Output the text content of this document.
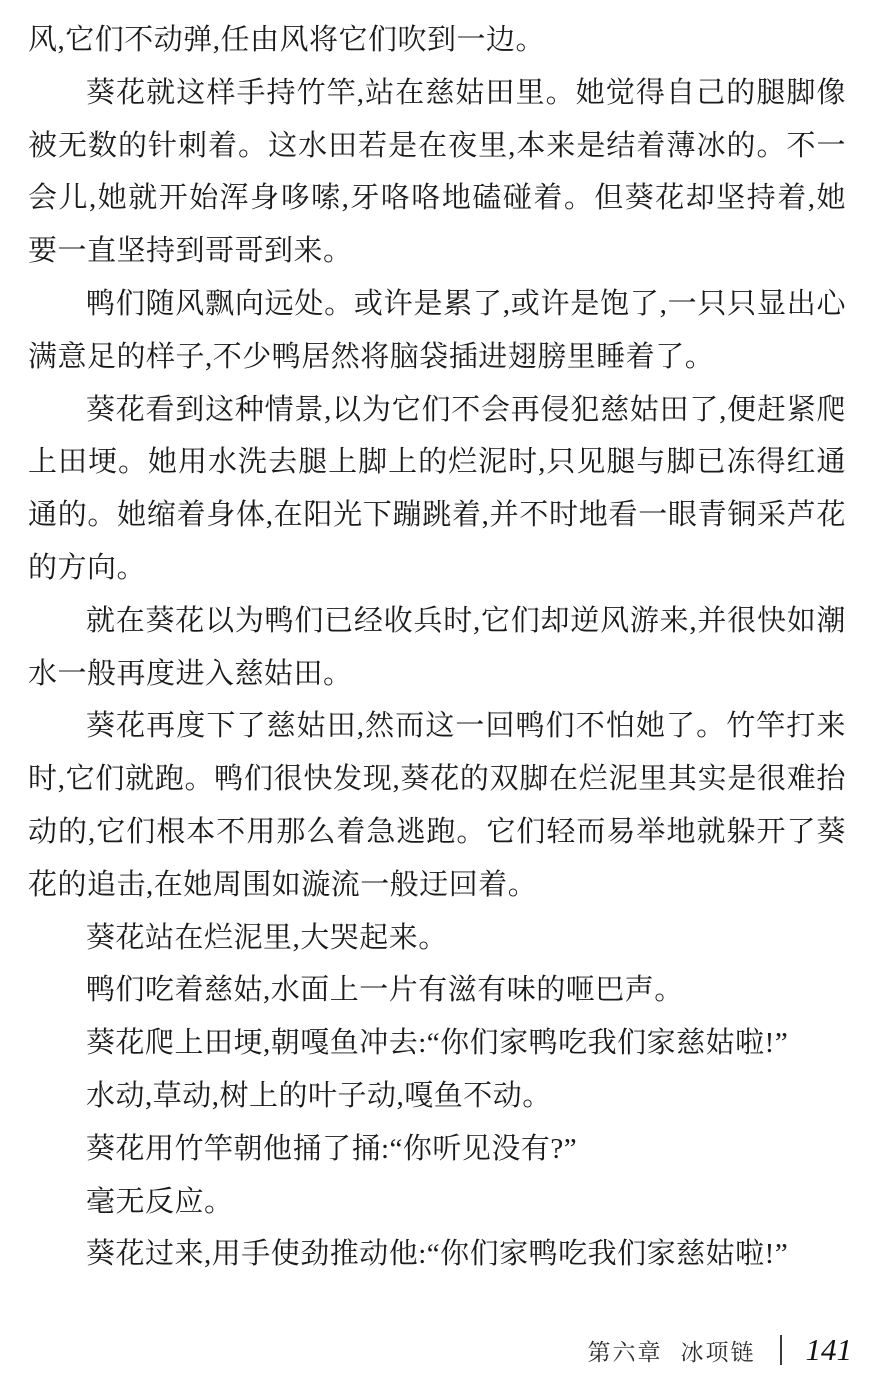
风,它们不动弹,任由风将它们吹到一边。

葵花就这样手持竹竿,站在慈姑田里。她觉得自己的腿脚像被无数的针刺着。这水田若是在夜里,本来是结着薄冰的。不一会儿,她就开始浑身哆嗦,牙咯咯地磕碰着。但葵花却坚持着,她要一直坚持到哥哥到来。

鸭们随风飘向远处。或许是累了,或许是饱了,一只只显出心满意足的样子,不少鸭居然将脑袋插进翅膀里睡着了。

葵花看到这种情景,以为它们不会再侵犯慈姑田了,便赶紧爬上田埂。她用水洗去腿上脚上的烂泥时,只见腿与脚已冻得红通通的。她缩着身体,在阳光下蹦跳着,并不时地看一眼青铜采芦花的方向。

就在葵花以为鸭们已经收兵时,它们却逆风游来,并很快如潮水一般再度进入慈姑田。

葵花再度下了慈姑田,然而这一回鸭们不怕她了。竹竿打来时,它们就跑。鸭们很快发现,葵花的双脚在烂泥里其实是很难抬动的,它们根本不用那么着急逃跑。它们轻而易举地就躲开了葵花的追击,在她周围如漩流一般迂回着。

葵花站在烂泥里,大哭起来。

鸭们吃着慈姑,水面上一片有滋有味的咂巴声。

葵花爬上田埂,朝嘎鱼冲去:“你们家鸭吃我们家慈姑啦!”

水动,草动,树上的叶子动,嘎鱼不动。

葵花用竹竿朝他捅了捅:“你听见没有?”

毫无反应。

葵花过来,用手使劲推动他:“你们家鸭吃我们家慈姑啦!”

第六章 冰项链 141
